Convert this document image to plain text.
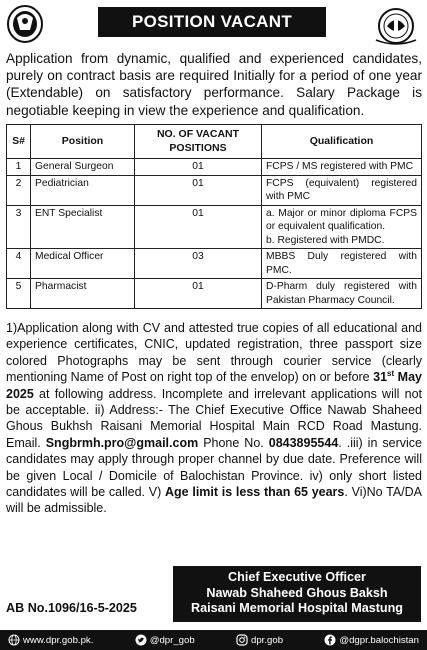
POSITION VACANT

Application from dynamic, qualified and experienced candidates, purely on contract basis are required Initially for a period of one year (Extendable) on satisfactory performance. Salary Package is negotiable keeping in view the experience and qualification.

S#	Position	NO. OF VACANT POSITIONS	Qualification
1	General Surgeon	01	FCPS / MS registered with PMC
2	Pediatrician	01	FCPS (equivalent) registered with PMC
3	ENT Specialist	01	a. Major or minor diploma FCPS or equivalent qualification.
b. Registered with PMDC.

4	Medical Officer	03	MBBS Duly registered with PMC.
5	Pharmacist	01	D-Pharm duly registered with Pakistan Pharmacy Council.

1)Application along with CV and attested true copies of all educational and experience certificates, CNIC, updated registration, three passport size colored Photographs may be sent through courier service (clearly mentioning Name of Post on right top of the envelop) on or before 31st May 2025 at following address. Incomplete and irrelevant applications will not be acceptable. ii) Address:- The Chief Executive Office Nawab Shaheed Ghous Bukhsh Raisani Memorial Hospital Main RCD Road Mastung. Email. Sngbrmh.pro@gmail.com Phone No. 0843895544. .iii) in service candidates may apply through proper channel by due date. Preference will be given Local / Domicile of Balochistan Province. iv) only short listed candidates will be called. V) Age limit is less than 65 years. Vi)No TA/DA will be admissible.

Chief Executive Officer
Nawab Shaheed Ghous Baksh
Raisani Memorial Hospital Mastung
AB No.1096/16-5-2025
www.dpr.gob.pk.	@dpr_gob	dpr.gob	@dgpr.balochistan
